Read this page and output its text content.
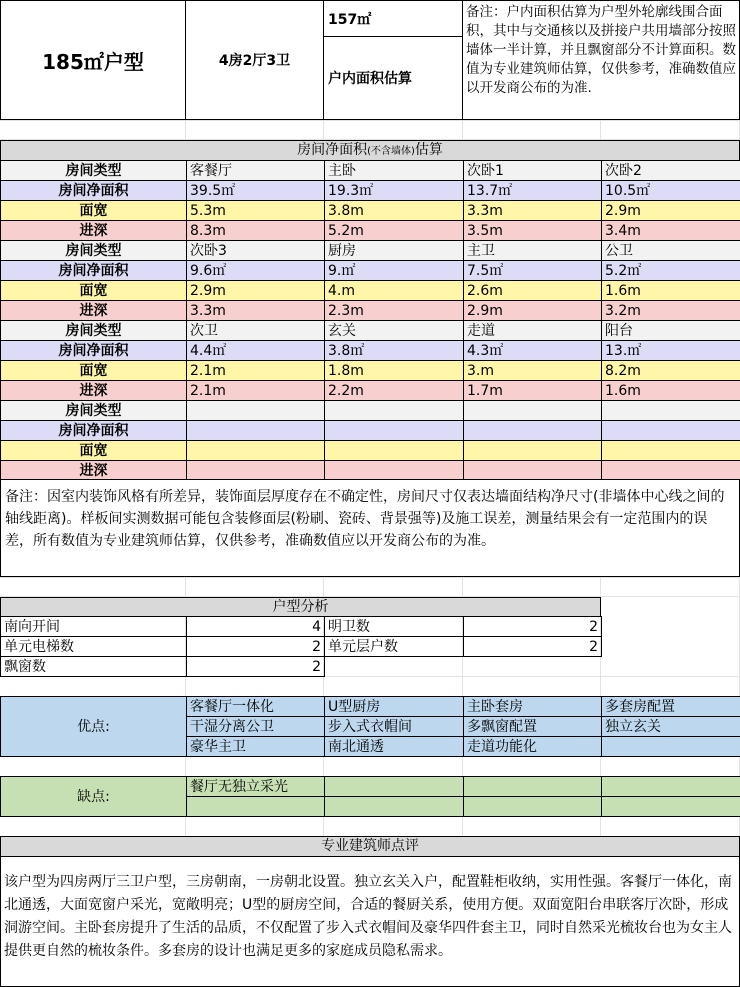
185㎡户型	4房2厅3卫
157㎡
户内面积估算
备注：户内面积估算为户型外轮廓线围合面积，其中与交通核以及拼接户共用墙部分按照墙体一半计算，并且飘窗部分不计算面积。数值为专业建筑师估算，仅供参考，准确数值应以开发商公布的为准.
房间净面积(不含墙体)估算
房间类型	客餐厅	主卧	次卧1	次卧2
房间净面积	39.5㎡	19.3㎡	13.7㎡	10.5㎡
面宽	5.3m	3.8m	3.3m	2.9m
进深	8.3m	5.2m	3.5m	3.4m
房间类型	次卧3	厨房	主卫	公卫
房间净面积	9.6㎡	9.㎡	7.5㎡	5.2㎡
面宽	2.9m	4.m	2.6m	1.6m
进深	3.3m	2.3m	2.9m	3.2m
房间类型	次卫	玄关	走道	阳台
房间净面积	4.4㎡	3.8㎡	4.3㎡	13.㎡
面宽	2.1m	1.8m	3.m	8.2m
进深	2.1m	2.2m	1.7m	1.6m
房间类型				
房间净面积				
面宽				
进深				
备注：因室内装饰风格有所差异，装饰面层厚度存在不确定性，房间尺寸仅表达墙面结构净尺寸(非墙体中心线之间的轴线距离)。样板间实测数据可能包含装修面层(粉刷、瓷砖、背景强等)及施工误差，测量结果会有一定范围内的误差，所有数值为专业建筑师估算，仅供参考，准确数值应以开发商公布的为准。
户型分析
南向开间	4	明卫数	2
单元电梯数	2	单元层户数	2
飘窗数	2		
优点:	客餐厅一体化	U型厨房	主卧套房	多套房配置
	干湿分离公卫	步入式衣帽间	多飘窗配置	独立玄关
	豪华主卫	南北通透	走道功能化	
缺点:	餐厅无独立采光			

专业建筑师点评
该户型为四房两厅三卫户型，三房朝南，一房朝北设置。独立玄关入户，配置鞋柜收纳，实用性强。客餐厅一体化，南北通透，大面宽窗户采光，宽敞明亮；U型的厨房空间，合适的餐厨关系，使用方便。双面宽阳台串联客厅次卧，形成洞游空间。主卧套房提升了生活的品质，不仅配置了步入式衣帽间及豪华四件套主卫，同时自然采光梳妆台也为女主人提供更自然的梳妆条件。多套房的设计也满足更多的家庭成员隐私需求。
